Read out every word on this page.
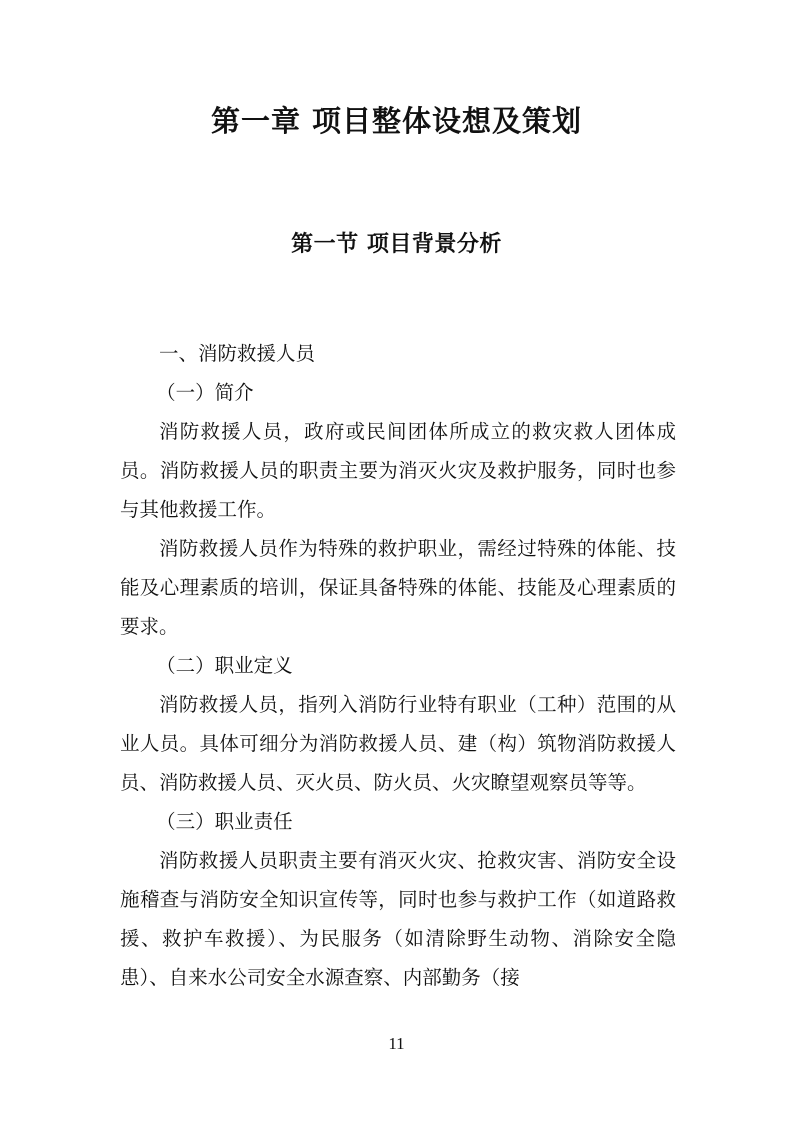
第一章 项目整体设想及策划
第一节 项目背景分析

一、消防救援人员

（一）简介

消防救援人员，政府或民间团体所成立的救灾救人团体成员。消防救援人员的职责主要为消灭火灾及救护服务，同时也参与其他救援工作。

消防救援人员作为特殊的救护职业，需经过特殊的体能、技能及心理素质的培训，保证具备特殊的体能、技能及心理素质的要求。

（二）职业定义

消防救援人员，指列入消防行业特有职业（工种）范围的从业人员。具体可细分为消防救援人员、建（构）筑物消防救援人员、消防救援人员、灭火员、防火员、火灾瞭望观察员等等。

（三）职业责任

消防救援人员职责主要有消灭火灾、抢救灾害、消防安全设施稽查与消防安全知识宣传等，同时也参与救护工作（如道路救援、救护车救援）、为民服务（如清除野生动物、消除安全隐患）、自来水公司安全水源查察、内部勤务（接

11
